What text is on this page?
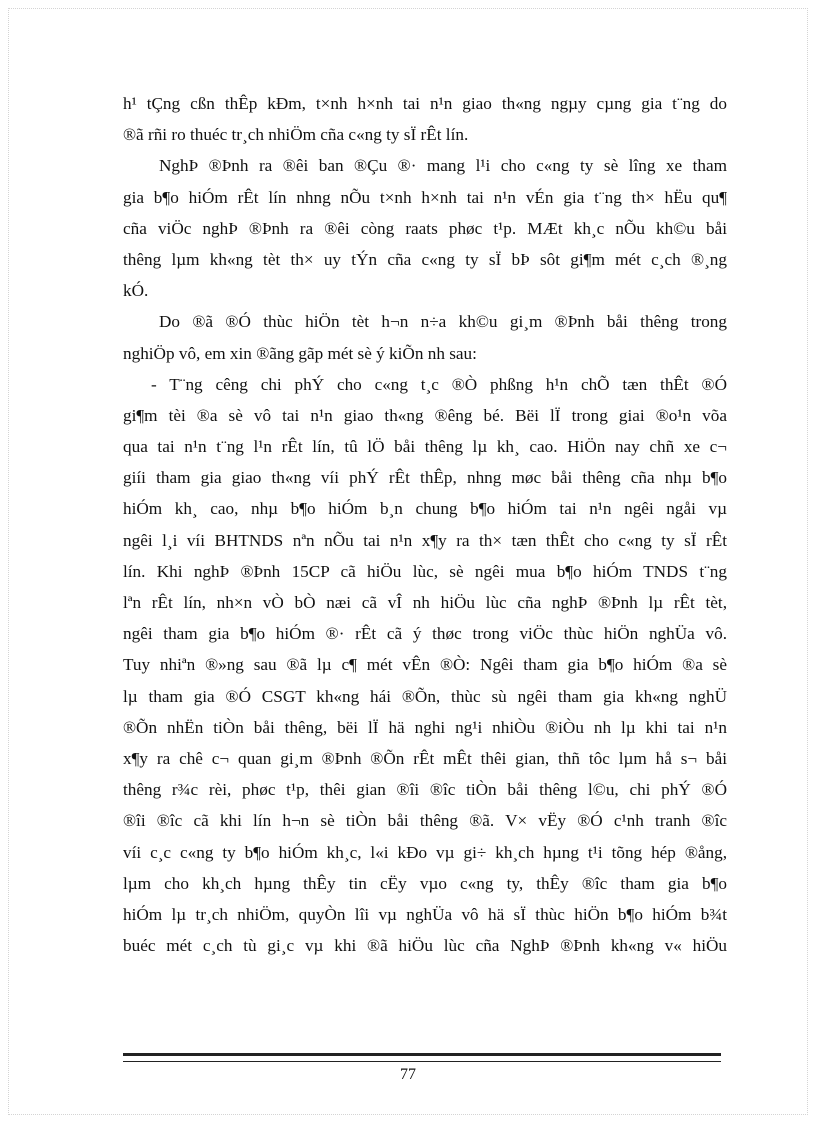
h¹ tÇng cßn thÊp kÐm, t×nh h×nh tai n¹n giao th«ng ngµy cµng gia t¨ng do
®ã rñi ro thuéc tr¸ch nhiÖm cña c«ng ty sÏ rÊt lín.
NghÞ ®Þnh ra ®êi ban ®Çu ®· mang l¹i cho c«ng ty sè lîng xe tham
gia b¶o hiÓm rÊt lín nhng nÕu t×nh h×nh tai n¹n vÉn gia t¨ng th× hËu qu¶
cña viÖc nghÞ ®Þnh ra ®êi còng raats phøc t¹p. MÆt kh¸c nÕu kh©u båi
thêng lµm kh«ng tèt th× uy tÝn cña c«ng ty sÏ bÞ sôt gi¶m mét c¸ch ®¸ng
kÓ.
Do ®ã ®Ó thùc hiÖn tèt h¬n n÷a kh©u gi¸m ®Þnh båi thêng trong
nghiÖp vô, em xin ®ãng gãp mét sè ý kiÕn nh sau:
- T¨ng cêng chi phÝ cho c«ng t¸c ®Ò phßng h¹n chÕ tæn thÊt ®Ó
gi¶m tèi ®a sè vô tai n¹n giao th«ng ®êng bé. Bëi lÏ trong giai ®o¹n võa
qua tai n¹n t¨ng l¹n rÊt lín, tû lÖ båi thêng lµ kh¸ cao. HiÖn nay chñ xe c¬
giíi tham gia giao th«ng víi phÝ rÊt thÊp, nhng møc båi thêng cña nhµ b¶o
hiÓm kh¸ cao, nhµ b¶o hiÓm b¸n chung b¶o hiÓm tai n¹n ngêi ngåi vµ
ngêi l¸i víi BHTNDS nªn nÕu tai n¹n x¶y ra th× tæn thÊt cho c«ng ty sÏ rÊt
lín. Khi nghÞ ®Þnh 15CP cã hiÖu lùc, sè ngêi mua b¶o hiÓm TNDS t¨ng
lªn rÊt lín, nh×n vÒ bÒ næi cã vÎ nh hiÖu lùc cña nghÞ ®Þnh lµ rÊt tèt,
ngêi tham gia b¶o hiÓm ®· rÊt cã ý thøc trong viÖc thùc hiÖn nghÜa vô.
Tuy nhiªn ®»ng sau ®ã lµ c¶ mét vÊn ®Ò: Ngêi tham gia b¶o hiÓm ®a sè
lµ tham gia ®Ó CSGT kh«ng hái ®Õn, thùc sù ngêi tham gia kh«ng nghÜ
®Õn nhËn tiÒn båi thêng, bëi lÏ hä nghi ng¹i nhiÒu ®iÒu nh lµ khi tai n¹n
x¶y ra chê c¬ quan gi¸m ®Þnh ®Õn rÊt mÊt thêi gian, thñ tôc lµm hå s¬ båi
thêng r¾c rèi, phøc t¹p, thêi gian ®îi ®îc tiÒn båi thêng l©u, chi phÝ ®Ó
®îi ®îc cã khi lín h¬n sè tiÒn båi thêng ®ã. V× vËy ®Ó c¹nh tranh ®îc
víi c¸c c«ng ty b¶o hiÓm kh¸c, l«i kÐo vµ gi÷ kh¸ch hµng t¹i tõng hép ®ång,
lµm cho kh¸ch hµng thÊy tin cËy vµo c«ng ty, thÊy ®îc tham gia b¶o
hiÓm lµ tr¸ch nhiÖm, quyÒn lîi vµ nghÜa vô hä sÏ thùc hiÖn b¶o hiÓm b¾t
buéc mét c¸ch tù gi¸c vµ khi ®ã hiÖu lùc cña NghÞ ®Þnh kh«ng v« hiÖu
77
